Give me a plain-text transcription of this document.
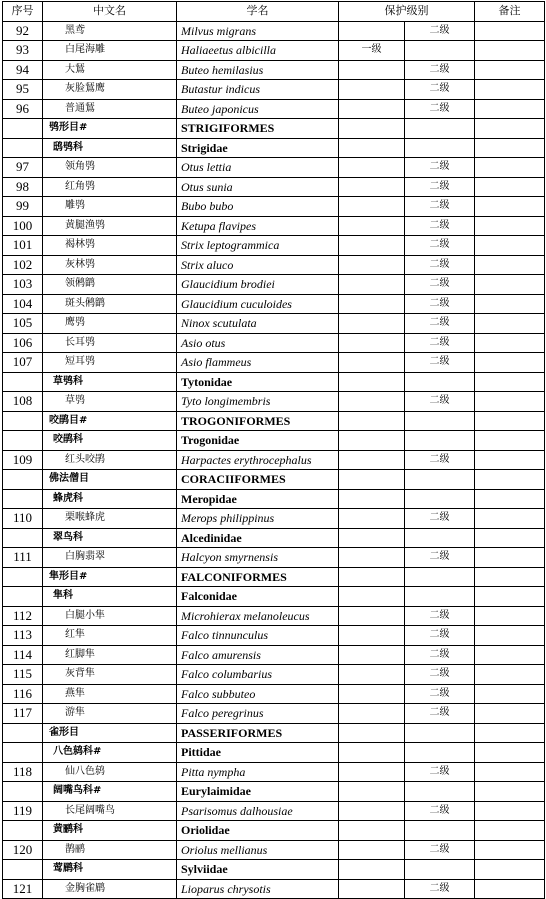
序号	中文名	学名	保护级别		备注
92	黑鸢	Milvus migrans		二级	
93	白尾海雕	Haliaeetus albicilla	一级		
94	大鵟	Buteo hemilasius		二级	
95	灰脸鵟鹰	Butastur indicus		二级	
96	普通鵟	Buteo japonicus		二级	
	鸮形目#	STRIGIFORMES			
	鸱鸮科	Strigidae			
97	领角鸮	Otus lettia		二级	
98	红角鸮	Otus sunia		二级	
99	雕鸮	Bubo bubo		二级	
100	黄腿渔鸮	Ketupa flavipes		二级	
101	褐林鸮	Strix leptogrammica		二级	
102	灰林鸮	Strix aluco		二级	
103	领鸺鹠	Glaucidium brodiei		二级	
104	斑头鸺鹠	Glaucidium cuculoides		二级	
105	鹰鸮	Ninox scutulata		二级	
106	长耳鸮	Asio otus		二级	
107	短耳鸮	Asio flammeus		二级	
	草鸮科	Tytonidae			
108	草鸮	Tyto longimembris		二级	
	咬鹃目#	TROGONIFORMES			
	咬鹃科	Trogonidae			
109	红头咬鹃	Harpactes erythrocephalus		二级	
	佛法僧目	CORACIIFORMES			
	蜂虎科	Meropidae			
110	栗喉蜂虎	Merops philippinus		二级	
	翠鸟科	Alcedinidae			
111	白胸翡翠	Halcyon smyrnensis		二级	
	隼形目#	FALCONIFORMES			
	隼科	Falconidae			
112	白腿小隼	Microhierax melanoleucus		二级	
113	红隼	Falco tinnunculus		二级	
114	红脚隼	Falco amurensis		二级	
115	灰背隼	Falco columbarius		二级	
116	燕隼	Falco subbuteo		二级	
117	游隼	Falco peregrinus		二级	
	雀形目	PASSERIFORMES			
	八色鸫科#	Pittidae			
118	仙八色鸫	Pitta nympha		二级	
	阔嘴鸟科#	Eurylaimidae			
119	长尾阔嘴鸟	Psarisomus dalhousiae		二级	
	黄鹂科	Oriolidae			
120	鹊鹂	Oriolus mellianus		二级	
	莺鹛科	Sylviidae			
121	金胸雀鹛	Lioparus chrysotis		二级	
